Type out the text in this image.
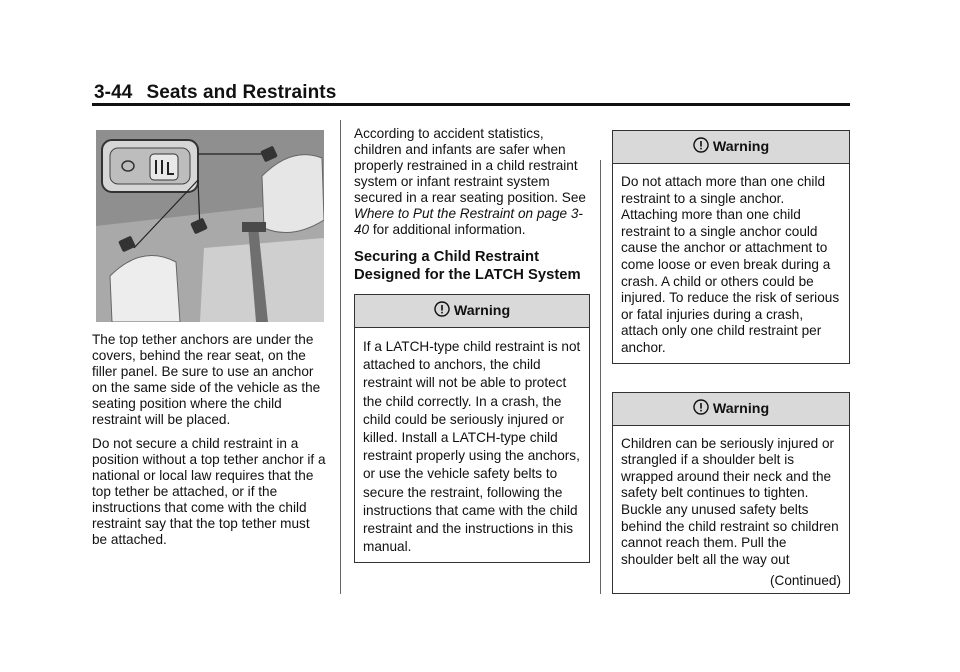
3-44 Seats and Restraints

The top tether anchors are under the covers, behind the rear seat, on the filler panel. Be sure to use an anchor on the same side of the vehicle as the seating position where the child restraint will be placed.

Do not secure a child restraint in a position without a top tether anchor if a national or local law requires that the top tether be attached, or if the instructions that come with the child restraint say that the top tether must be attached.

According to accident statistics, children and infants are safer when properly restrained in a child restraint system or infant restraint system secured in a rear seating position. See Where to Put the Restraint on page 3-40 for additional information.

Securing a Child Restraint Designed for the LATCH System
Warning
If a LATCH-type child restraint is not attached to anchors, the child restraint will not be able to protect the child correctly. In a crash, the child could be seriously injured or killed. Install a LATCH-type child restraint properly using the anchors, or use the vehicle safety belts to secure the restraint, following the instructions that came with the child restraint and the instructions in this manual.
Warning
Do not attach more than one child restraint to a single anchor. Attaching more than one child restraint to a single anchor could cause the anchor or attachment to come loose or even break during a crash. A child or others could be injured. To reduce the risk of serious or fatal injuries during a crash, attach only one child restraint per anchor.
Warning
Children can be seriously injured or strangled if a shoulder belt is wrapped around their neck and the safety belt continues to tighten. Buckle any unused safety belts behind the child restraint so children cannot reach them. Pull the shoulder belt all the way out
(Continued)
